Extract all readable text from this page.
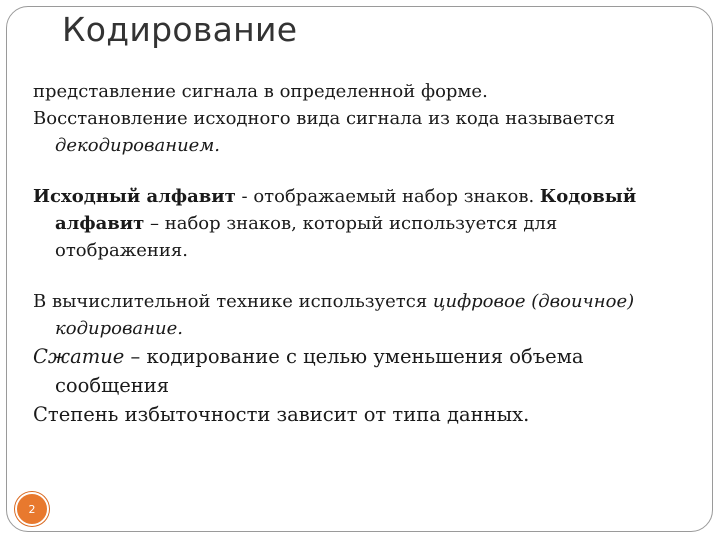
Кодирование

представление сигнала в определенной форме.

Восстановление исходного вида сигнала из кода называется

декодированием.

Исходный алфавит - отображаемый набор знаков. Кодовый

алфавит – набор знаков, который используется для

отображения.

В вычислительной технике используется цифровое (двоичное)

кодирование.

Сжатие – кодирование с целью уменьшения объема

сообщения

Степень избыточности зависит от типа данных.

2
